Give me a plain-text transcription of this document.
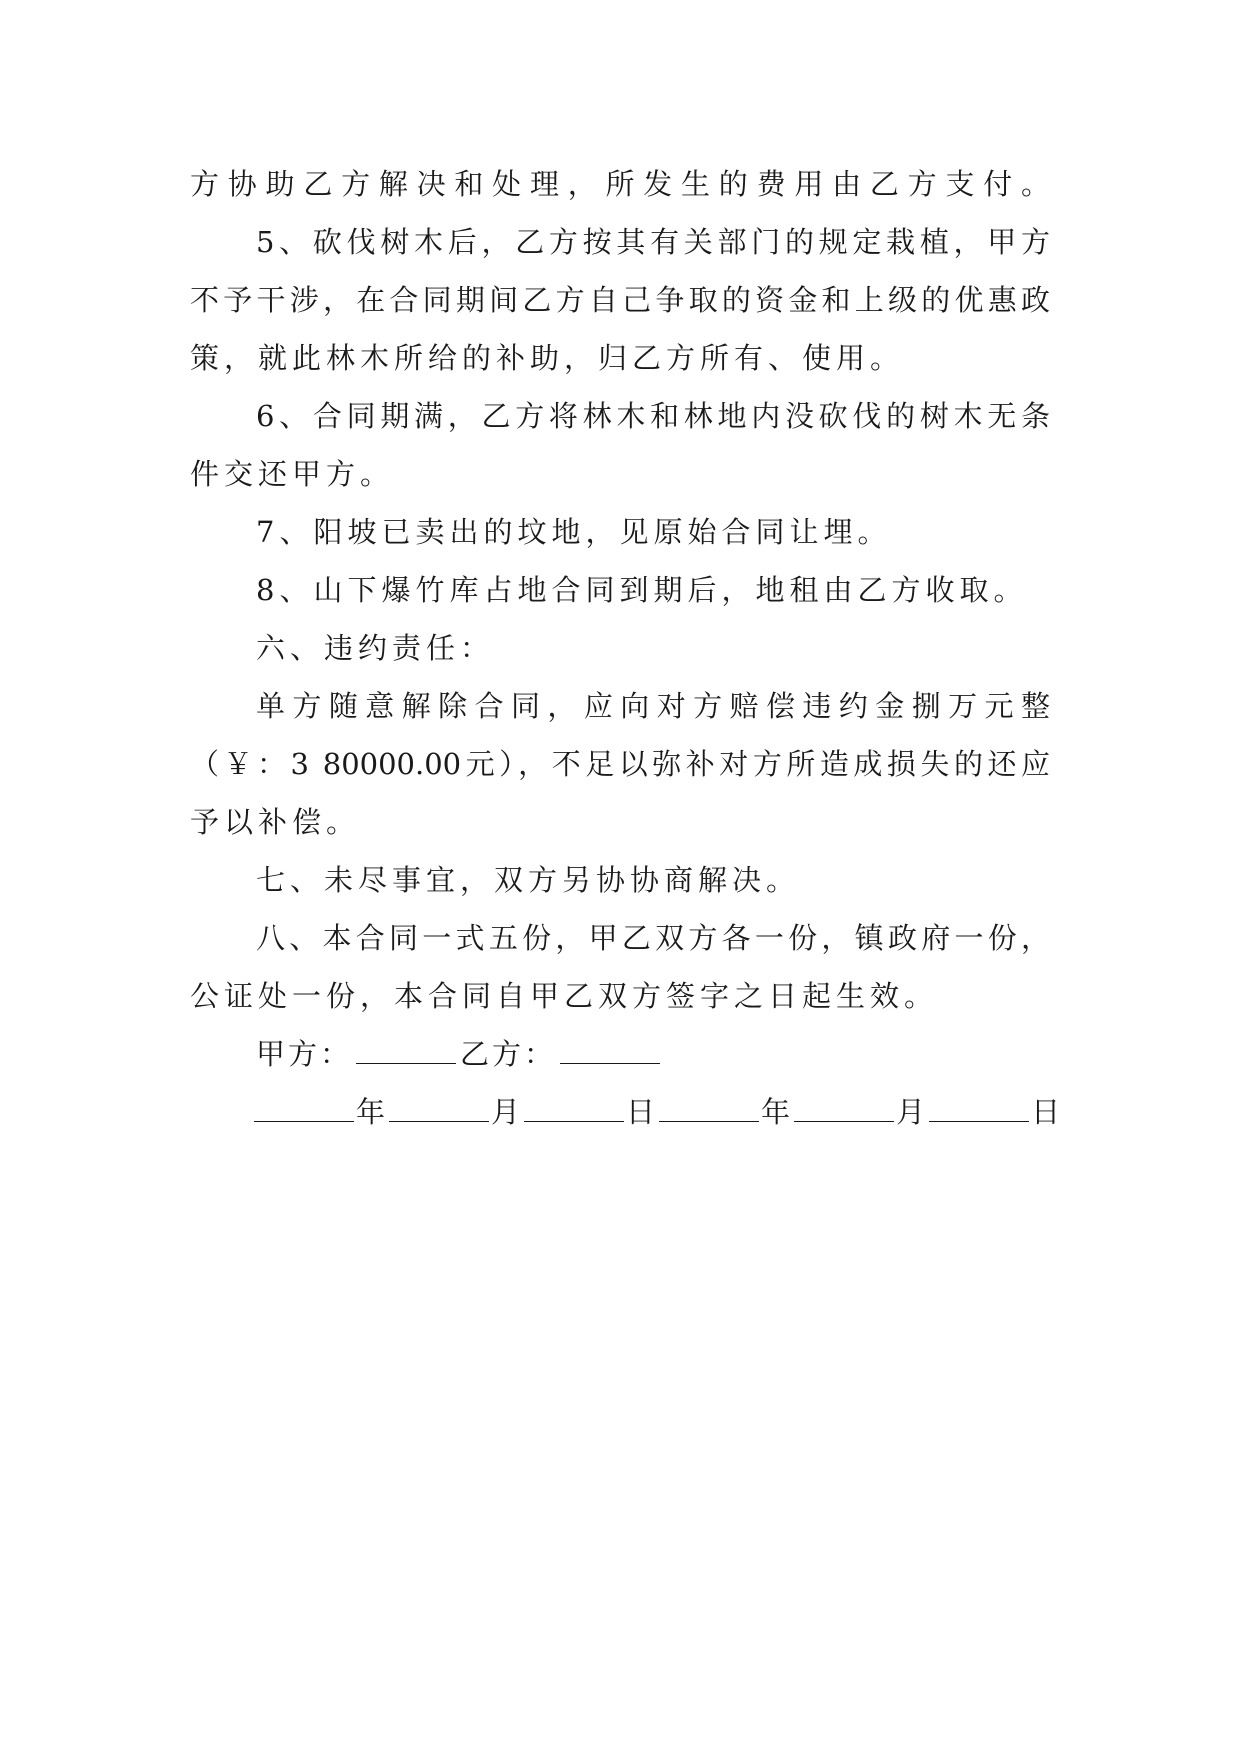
方协助乙方解决和处理，所发生的费用由乙方支付。
5、砍伐树木后，乙方按其有关部门的规定栽植，甲方
不予干涉，在合同期间乙方自己争取的资金和上级的优惠政
策，就此林木所给的补助，归乙方所有、使用。
6、合同期满，乙方将林木和林地内没砍伐的树木无条
件交还甲方。
7、阳坡已卖出的坟地，见原始合同让埋。
8、山下爆竹库占地合同到期后，地租由乙方收取。
六、违约责任：
单方随意解除合同，应向对方赔偿违约金捌万元整
（￥：3 80000.00元），不足以弥补对方所造成损失的还应
予以补偿。
七、未尽事宜，双方另协协商解决。
八、本合同一式五份，甲乙双方各一份，镇政府一份，
公证处一份，本合同自甲乙双方签字之日起生效。
甲方：	乙方：
年	月	日	年	月	日
